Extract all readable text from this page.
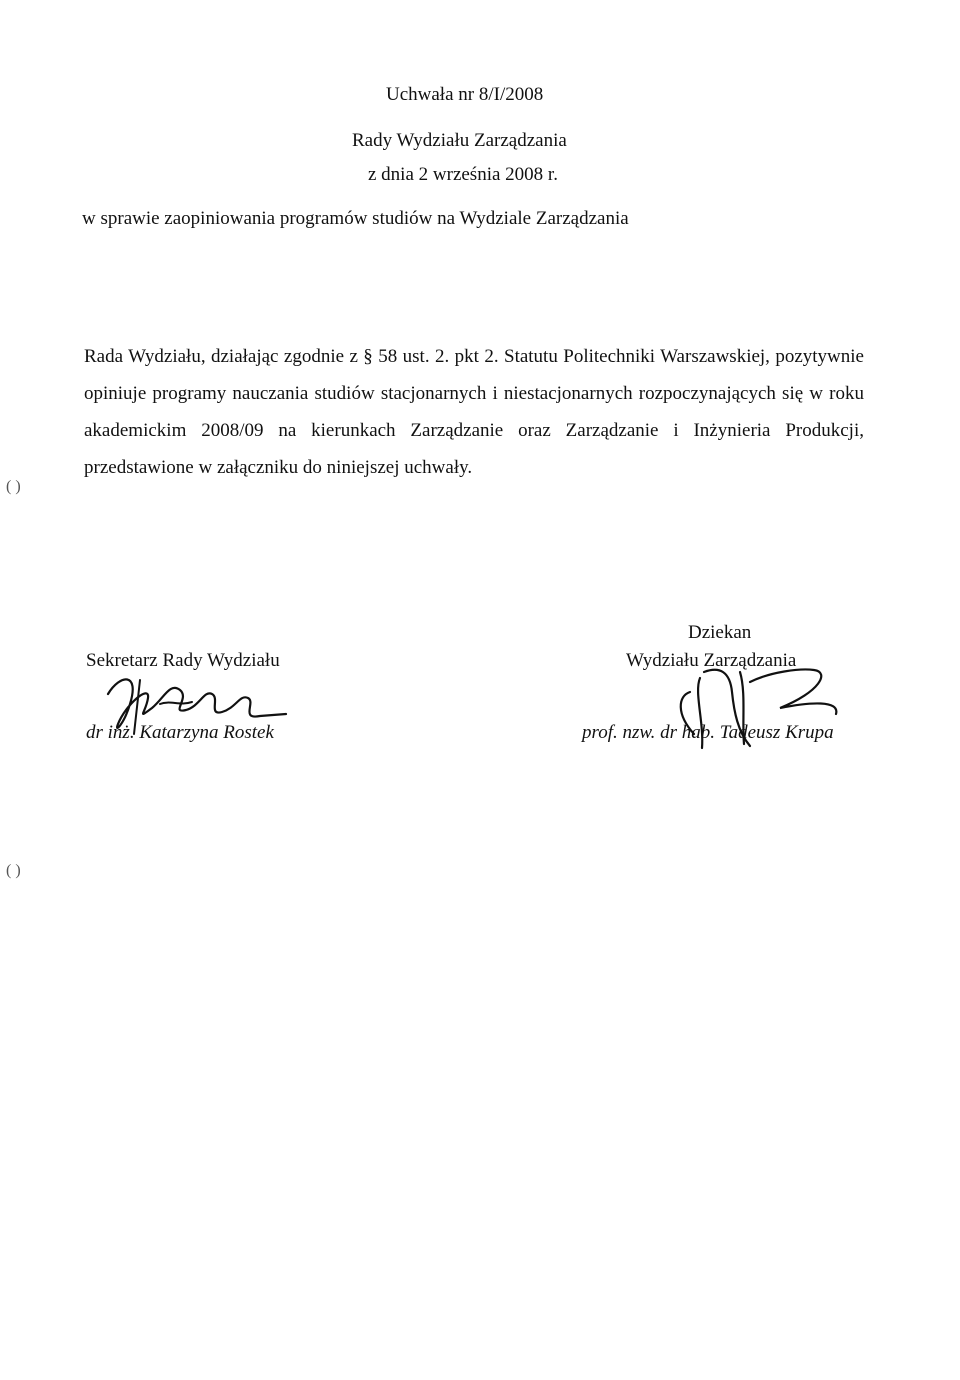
Uchwała nr 8/I/2008
Rady Wydziału Zarządzania
z dnia 2 września 2008 r.
w sprawie zaopiniowania programów studiów na Wydziale Zarządzania
Rada Wydziału, działając zgodnie z § 58 ust. 2. pkt 2. Statutu Politechniki Warszawskiej, pozytywnie opiniuje programy nauczania studiów stacjonarnych i niestacjonarnych rozpoczynających się w roku akademickim 2008/09 na kierunkach Zarządzanie oraz Zarządzanie i Inżynieria Produkcji, przedstawione w załączniku do niniejszej uchwały.
( )
( )
Sekretarz Rady Wydziału
dr inż. Katarzyna Rostek
Dziekan
Wydziału Zarządzania
prof. nzw. dr hab. Tadeusz Krupa
